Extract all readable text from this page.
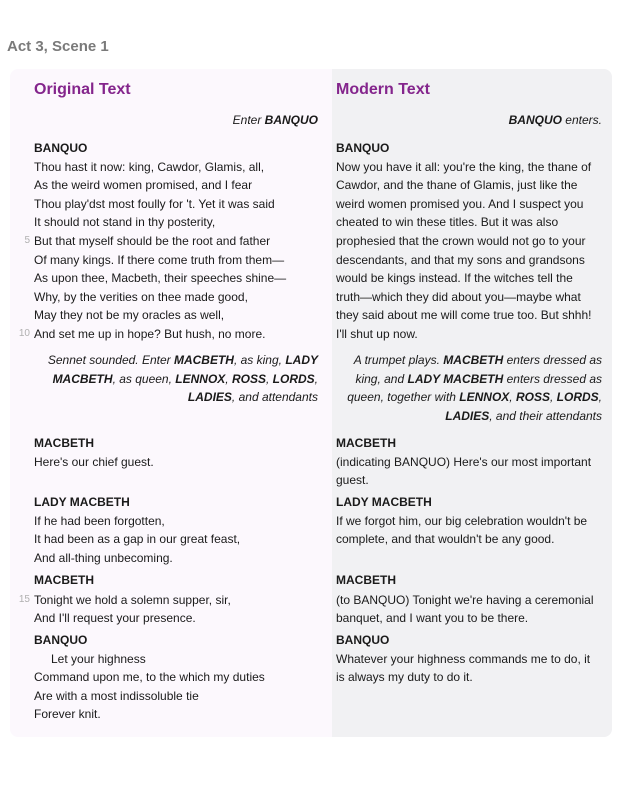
Act 3, Scene 1
Original Text
Enter BANQUO
BANQUO
Thou hast it now: king, Cawdor, Glamis, all,
As the weird women promised, and I fear
Thou play'dst most foully for 't. Yet it was said
It should not stand in thy posterity,
But that myself should be the root and father
Of many kings. If there come truth from them—
As upon thee, Macbeth, their speeches shine—
Why, by the verities on thee made good,
May they not be my oracles as well,
And set me up in hope? But hush, no more.
Sennet sounded. Enter MACBETH, as king, LADY
MACBETH, as queen, LENNOX, ROSS, LORDS,
LADIES, and attendants
MACBETH
Here's our chief guest.
LADY MACBETH
If he had been forgotten,
It had been as a gap in our great feast,
And all-thing unbecoming.
MACBETH
Tonight we hold a solemn supper, sir,
And I'll request your presence.
BANQUO
Let your highness
Command upon me, to the which my duties
Are with a most indissoluble tie
Forever knit.
Modern Text
BANQUO enters.
BANQUO
Now you have it all: you're the king, the thane of
Cawdor, and the thane of Glamis, just like the
weird women promised you. And I suspect you
cheated to win these titles. But it was also
prophesied that the crown would not go to your
descendants, and that my sons and grandsons
would be kings instead. If the witches tell the
truth—which they did about you—maybe what
they said about me will come true too. But shhh!
I'll shut up now.
A trumpet plays. MACBETH enters dressed as
king, and LADY MACBETH enters dressed as
queen, together with LENNOX, ROSS, LORDS,
LADIES, and their attendants
MACBETH
(indicating BANQUO) Here's our most important
guest.
LADY MACBETH
If we forgot him, our big celebration wouldn't be
complete, and that wouldn't be any good.
MACBETH
(to BANQUO) Tonight we're having a ceremonial
banquet, and I want you to be there.
BANQUO
Whatever your highness commands me to do, it
is always my duty to do it.
5
10
15
